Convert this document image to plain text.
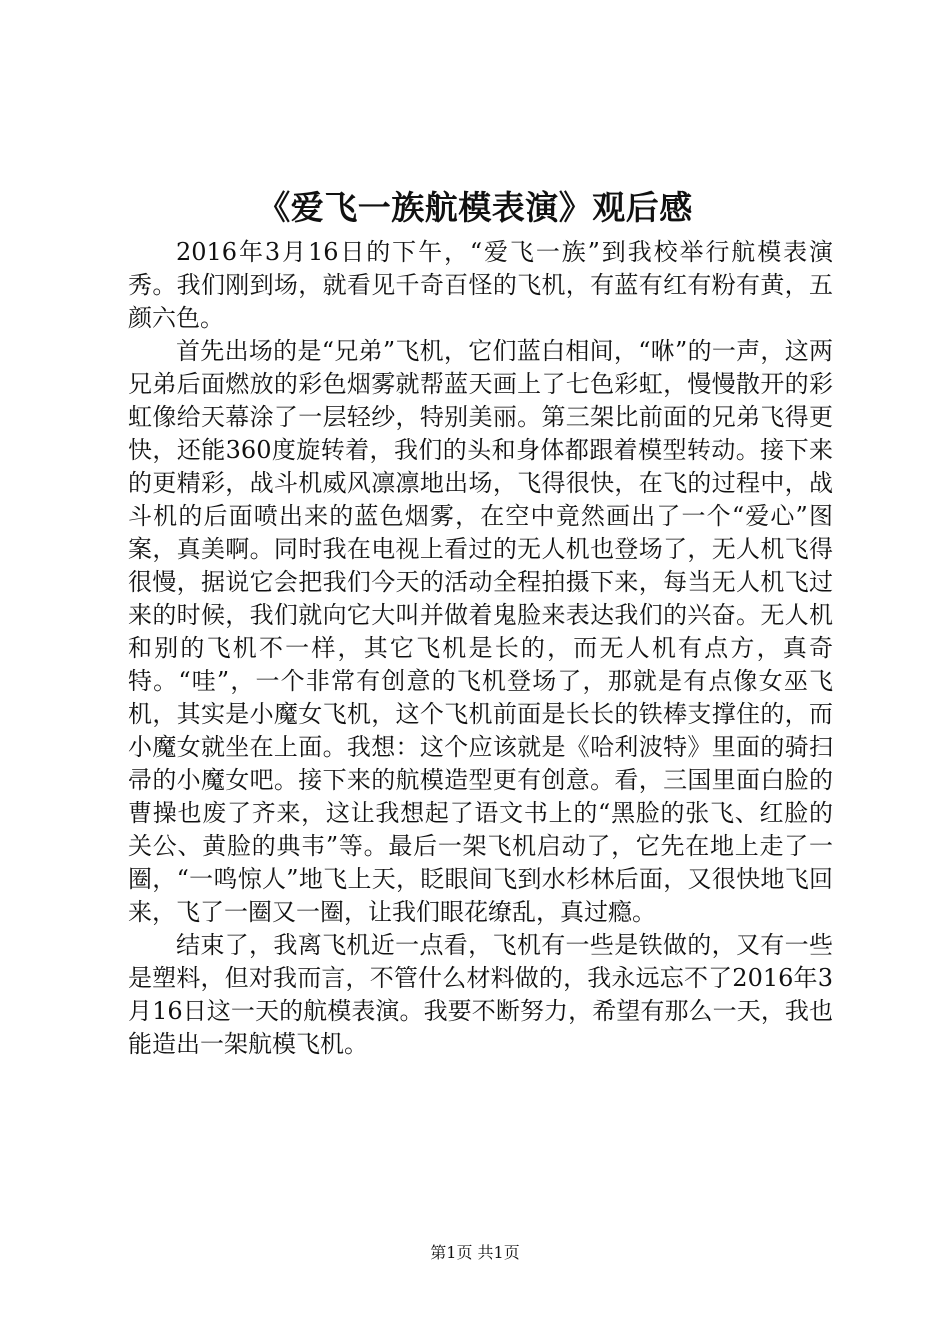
《爱飞一族航模表演》观后感

2016年3月16日的下午，“爱飞一族”到我校举行航模表演秀。我们刚到场，就看见千奇百怪的飞机，有蓝有红有粉有黄，五颜六色。

首先出场的是“兄弟”飞机，它们蓝白相间，“咻”的一声，这两兄弟后面燃放的彩色烟雾就帮蓝天画上了七色彩虹，慢慢散开的彩虹像给天幕涂了一层轻纱，特别美丽。第三架比前面的兄弟飞得更快，还能360度旋转着，我们的头和身体都跟着模型转动。接下来的更精彩，战斗机威风凛凛地出场，飞得很快，在飞的过程中，战斗机的后面喷出来的蓝色烟雾，在空中竟然画出了一个“爱心”图案，真美啊。同时我在电视上看过的无人机也登场了，无人机飞得很慢，据说它会把我们今天的活动全程拍摄下来，每当无人机飞过来的时候，我们就向它大叫并做着鬼脸来表达我们的兴奋。无人机和别的飞机不一样，其它飞机是长的，而无人机有点方，真奇特。“哇”，一个非常有创意的飞机登场了，那就是有点像女巫飞机，其实是小魔女飞机，这个飞机前面是长长的铁棒支撑住的，而小魔女就坐在上面。我想：这个应该就是《哈利波特》里面的骑扫帚的小魔女吧。接下来的航模造型更有创意。看，三国里面白脸的曹操也废了齐来，这让我想起了语文书上的“黑脸的张飞、红脸的关公、黄脸的典韦”等。最后一架飞机启动了，它先在地上走了一圈，“一鸣惊人”地飞上天，眨眼间飞到水杉林后面，又很快地飞回来，飞了一圈又一圈，让我们眼花缭乱，真过瘾。

结束了，我离飞机近一点看，飞机有一些是铁做的，又有一些是塑料，但对我而言，不管什么材料做的，我永远忘不了2016年3月16日这一天的航模表演。我要不断努力，希望有那么一天，我也能造出一架航模飞机。

第1页 共1页
